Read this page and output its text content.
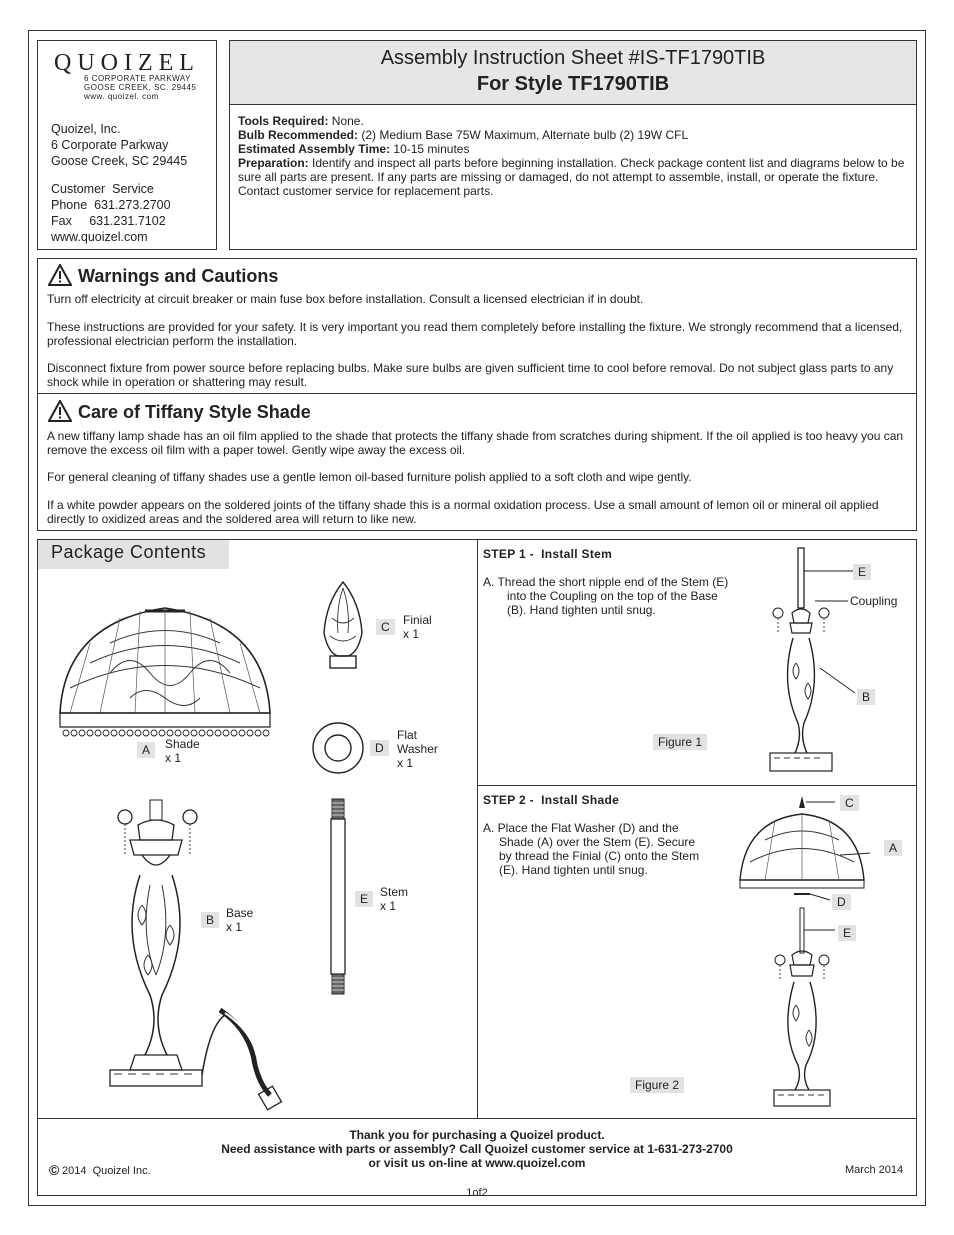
QUOIZEL
6 CORPORATE PARKWAY
GOOSE CREEK, SC. 29445
www. quoizel. com
Quoizel, Inc.
6 Corporate Parkway
Goose Creek, SC 29445
Customer  Service
Phone  631.273.2700
Fax     631.231.7102
www.quoizel.com
Assembly Instruction Sheet #IS-TF1790TIB
For Style TF1790TIB

Tools Required: None.

Bulb Recommended: (2) Medium Base 75W Maximum, Alternate bulb (2) 19W CFL

Estimated Assembly Time: 10-15 minutes

Preparation: Identify and inspect all parts before beginning installation. Check package content list and diagrams below to be sure all parts are present. If any parts are missing or damaged, do not attempt to assemble, install, or operate the fixture. Contact customer service for replacement parts.

Warnings and Cautions
Turn off electricity at circuit breaker or main fuse box before installation. Consult a licensed electrician if in doubt.
These instructions are provided for your safety. It is very important you read them completely before installing the fixture. We strongly recommend that a licensed, professional electrician perform the installation.
Disconnect fixture from power source before replacing bulbs. Make sure bulbs are given sufficient time to cool before removal. Do not subject glass parts to any shock while in operation or shattering may result.
Care of Tiffany Style Shade
A new tiffany lamp shade has an oil film applied to the shade that protects the tiffany shade from scratches during shipment. If the oil applied is too heavy you can remove the excess oil film with a paper towel. Gently wipe away the excess oil.
For general cleaning of tiffany shades use a gentle lemon oil-based furniture polish applied to a soft cloth and wipe gently.
If a white powder appears on the soldered joints of the tiffany shade this is a normal oxidation process. Use a small amount of lemon oil or mineral oil applied directly to oxidized areas and the soldered area will return to like new.
Package Contents
A	Shade
x 1
C	Finial
x 1
D
Flat
Washer
x 1
E Stem
x 1
B Base
x 1
STEP 1 -  Install Stem
A. Thread the short nipple end of the Stem (E)
into the Coupling on the top of the Base
(B). Hand tighten until snug.
E
Coupling
B
Figure 1
STEP 2 -  Install Shade
A. Place the Flat Washer (D) and the
Shade (A) over the Stem (E). Secure
by thread the Finial (C) onto the Stem
(E). Hand tighten until snug.
C
A
D
E
Figure 2
Thank you for purchasing a Quoizel product.
Need assistance with parts or assembly? Call Quoizel customer service at 1-631-273-2700
or visit us on-line at www.quoizel.com
© 2014  Quoizel Inc.	March 2014
1of2
